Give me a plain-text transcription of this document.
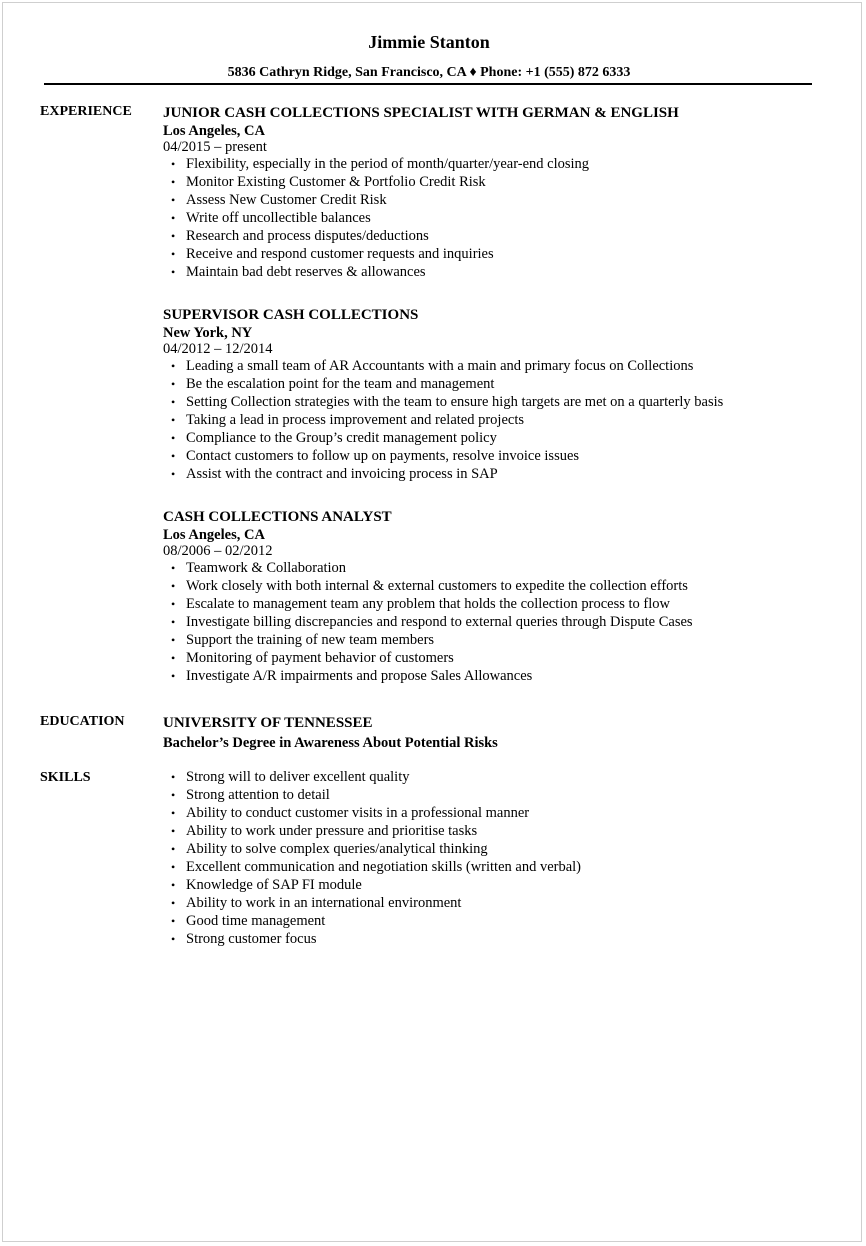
Jimmie Stanton
5836 Cathryn Ridge, San Francisco, CA ♦ Phone: +1 (555) 872 6333
EXPERIENCE JUNIOR CASH COLLECTIONS SPECIALIST WITH GERMAN & ENGLISH
Los Angeles, CA
04/2015 – present
• Flexibility, especially in the period of month/quarter/year-end closing
• Monitor Existing Customer & Portfolio Credit Risk
• Assess New Customer Credit Risk
• Write off uncollectible balances
• Research and process disputes/deductions
• Receive and respond customer requests and inquiries
• Maintain bad debt reserves & allowances
SUPERVISOR CASH COLLECTIONS
New York, NY
04/2012 – 12/2014
• Leading a small team of AR Accountants with a main and primary focus on Collections
• Be the escalation point for the team and management
• Setting Collection strategies with the team to ensure high targets are met on a quarterly basis
• Taking a lead in process improvement and related projects
• Compliance to the Group’s credit management policy
• Contact customers to follow up on payments, resolve invoice issues
• Assist with the contract and invoicing process in SAP
CASH COLLECTIONS ANALYST
Los Angeles, CA
08/2006 – 02/2012
• Teamwork & Collaboration
• Work closely with both internal & external customers to expedite the collection efforts
• Escalate to management team any problem that holds the collection process to flow
• Investigate billing discrepancies and respond to external queries through Dispute Cases
• Support the training of new team members
• Monitoring of payment behavior of customers
• Investigate A/R impairments and propose Sales Allowances
EDUCATION	UNIVERSITY OF TENNESSEE
Bachelor’s Degree in Awareness About Potential Risks
SKILLS
•	Strong will to deliver excellent quality
• Strong attention to detail
• Ability to conduct customer visits in a professional manner
• Ability to work under pressure and prioritise tasks
• Ability to solve complex queries/analytical thinking
• Excellent communication and negotiation skills (written and verbal)
• Knowledge of SAP FI module
• Ability to work in an international environment
• Good time management
• Strong customer focus
